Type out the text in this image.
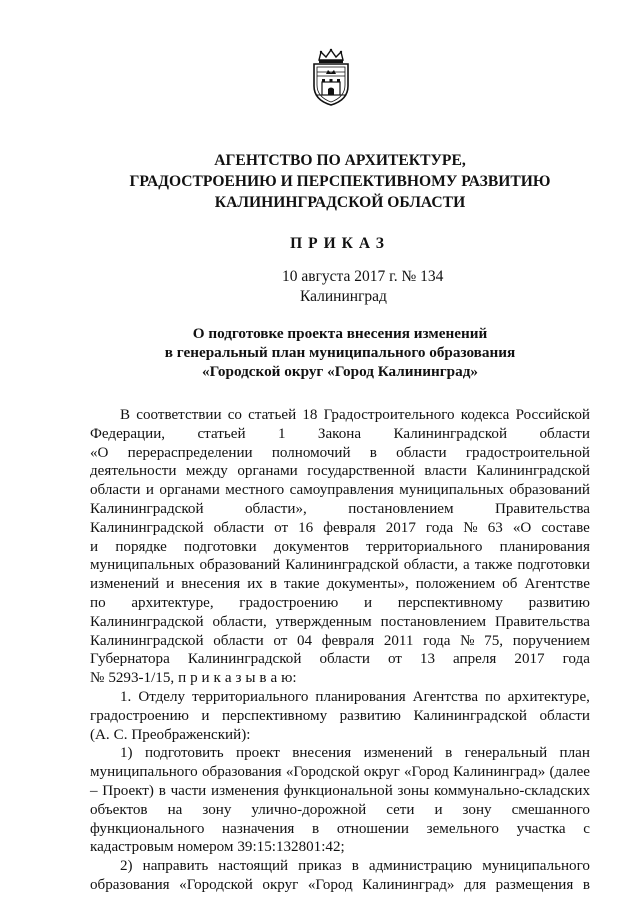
АГЕНТСТВО ПО АРХИТЕКТУРЕ,
ГРАДОСТРОЕНИЮ И ПЕРСПЕКТИВНОМУ РАЗВИТИЮ
КАЛИНИНГРАДСКОЙ ОБЛАСТИ
ПРИКАЗ
10 августа 2017 г. № 134
Калининград
О подготовке проекта внесения изменений
в генеральный план муниципального образования
«Городской округ «Город Калининград»
В соответствии со статьей 18 Градостроительного кодекса Российской
Федерации, статьей 1 Закона Калининградской области
«О перераспределении полномочий в области градостроительной
деятельности между органами государственной власти Калининградской
области и органами местного самоуправления муниципальных образований
Калининградской	области»,	постановлением	Правительства
Калининградской области от 16 февраля 2017 года № 63 «О составе
и порядке подготовки документов территориального планирования
муниципальных образований Калининградской области, а также подготовки
изменений и внесения их в такие документы», положением об Агентстве
по архитектуре, градостроению и перспективному развитию
Калининградской области, утвержденным постановлением Правительства
Калининградской области от 04 февраля 2011 года № 75, поручением
Губернатора Калининградской области от 13 апреля 2017 года
№ 5293-1/15, п р и к а з ы в а ю:
1. Отделу территориального планирования Агентства по архитектуре,
градостроению и перспективному развитию Калининградской области
(А. С. Преображенский):
1) подготовить проект внесения изменений в генеральный план
муниципального образования «Городской округ «Город Калининград» (далее
– Проект) в части изменения функциональной зоны коммунально-складских
объектов на зону улично-дорожной сети и зону смешанного
функционального назначения в отношении земельного участка с
кадастровым номером 39:15:132801:42;
2) направить настоящий приказ в администрацию муниципального
образования «Городской округ «Город Калининград» для размещения в
